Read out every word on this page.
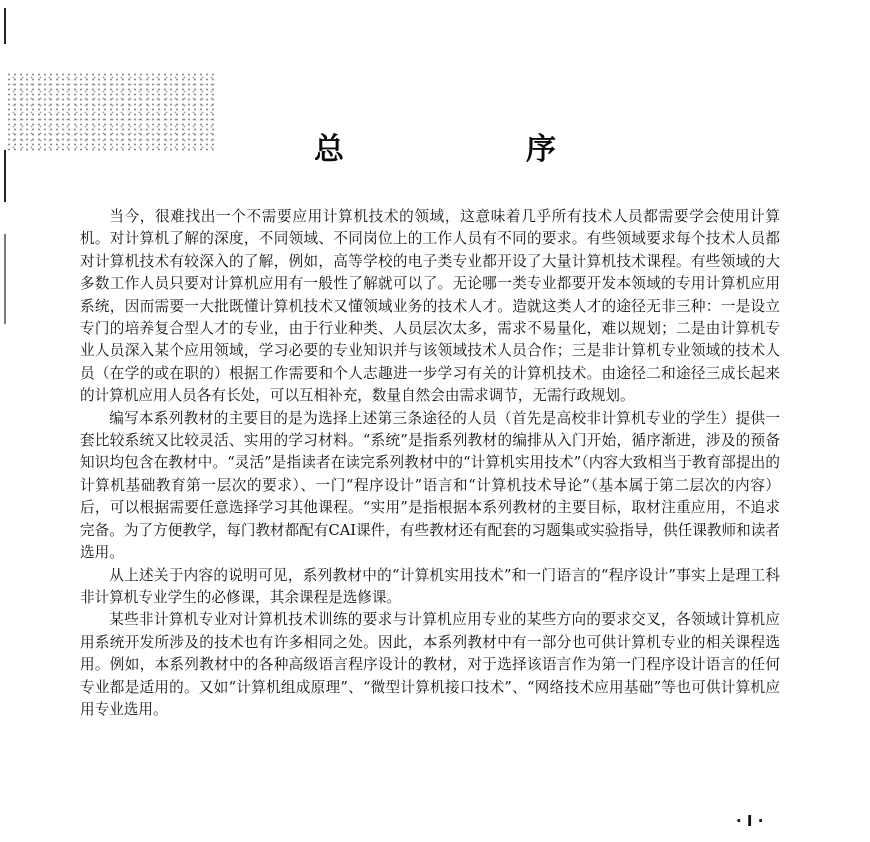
总　序

当今，很难找出一个不需要应用计算机技术的领域，这意味着几乎所有技术人员都需要学会使用计算机。对计算机了解的深度，不同领域、不同岗位上的工作人员有不同的要求。有些领域要求每个技术人员都对计算机技术有较深入的了解，例如，高等学校的电子类专业都开设了大量计算机技术课程。有些领域的大多数工作人员只要对计算机应用有一般性了解就可以了。无论哪一类专业都要开发本领域的专用计算机应用系统，因而需要一大批既懂计算机技术又懂领域业务的技术人才。造就这类人才的途径无非三种：一是设立专门的培养复合型人才的专业，由于行业种类、人员层次太多，需求不易量化，难以规划；二是由计算机专业人员深入某个应用领域，学习必要的专业知识并与该领域技术人员合作；三是非计算机专业领域的技术人员（在学的或在职的）根据工作需要和个人志趣进一步学习有关的计算机技术。由途径二和途径三成长起来的计算机应用人员各有长处，可以互相补充，数量自然会由需求调节，无需行政规划。

编写本系列教材的主要目的是为选择上述第三条途径的人员（首先是高校非计算机专业的学生）提供一套比较系统又比较灵活、实用的学习材料。“系统”是指系列教材的编排从入门开始，循序渐进，涉及的预备知识均包含在教材中。“灵活”是指读者在读完系列教材中的“计算机实用技术”（内容大致相当于教育部提出的计算机基础教育第一层次的要求）、一门“程序设计”语言和“计算机技术导论”（基本属于第二层次的内容）后，可以根据需要任意选择学习其他课程。“实用”是指根据本系列教材的主要目标，取材注重应用，不追求完备。为了方便教学，每门教材都配有CAI课件，有些教材还有配套的习题集或实验指导，供任课教师和读者选用。

从上述关于内容的说明可见，系列教材中的“计算机实用技术”和一门语言的“程序设计”事实上是理工科非计算机专业学生的必修课，其余课程是选修课。

某些非计算机专业对计算机技术训练的要求与计算机应用专业的某些方向的要求交叉，各领域计算机应用系统开发所涉及的技术也有许多相同之处。因此，本系列教材中有一部分也可供计算机专业的相关课程选用。例如，本系列教材中的各种高级语言程序设计的教材，对于选择该语言作为第一门程序设计语言的任何专业都是适用的。又如“计算机组成原理”、“微型计算机接口技术”、“网络技术应用基础”等也可供计算机应用专业选用。

· I ·
